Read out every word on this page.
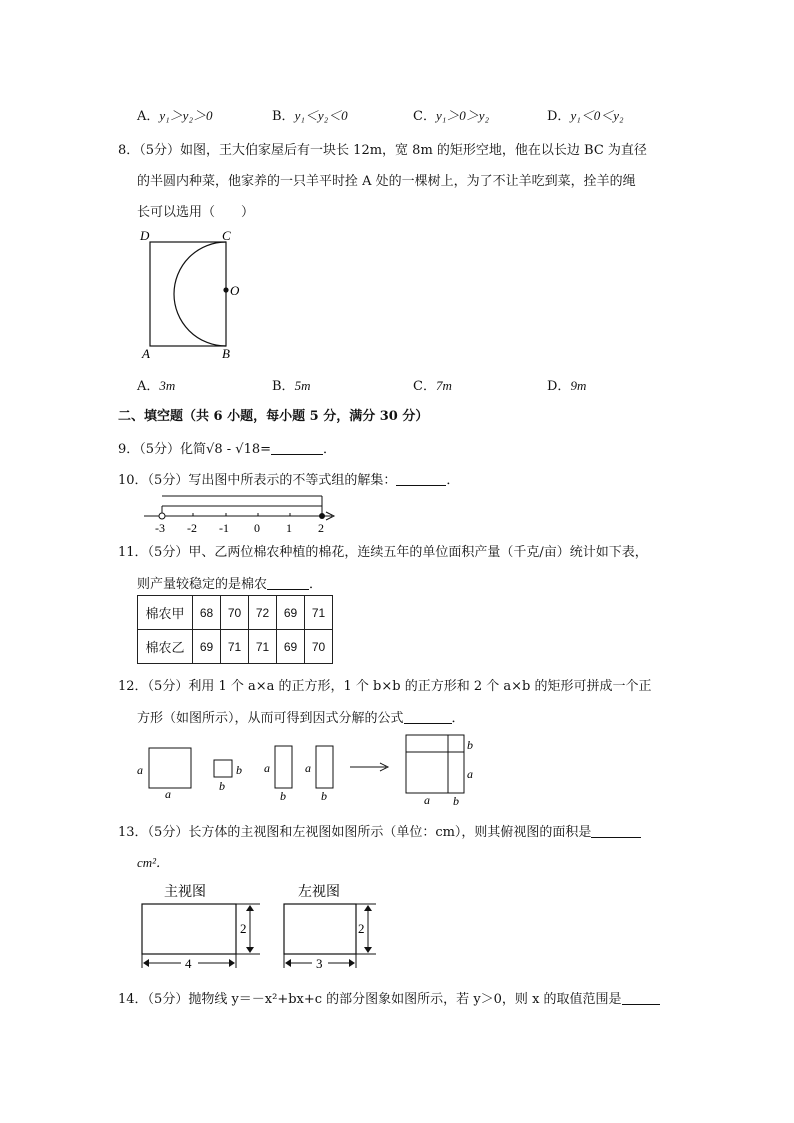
A．y₁＞y₂＞0	B．y₁＜y₂＜0	C．y₁＞0＞y₂	D．y₁＜0＜y₂
8．（5分）如图，王大伯家屋后有一块长 12m，宽 8m 的矩形空地，他在以长边 BC 为直径
的半圆内种菜，他家养的一只羊平时拴 A 处的一棵树上，为了不让羊吃到菜，拴羊的绳
长可以选用（　　）
D	C
O
A	B
A．3m	B．5m	C．7m	D．9m
二、填空题（共 6 小题，每小题 5 分，满分 30 分）
9．（5分）化简√8 - √18=	．
10．（5分）写出图中所表示的不等式组的解集：	．
-3 -2 -1 0 1 2
11．（5分）甲、乙两位棉农种植的棉花，连续五年的单位面积产量（千克/亩）统计如下表，
则产量较稳定的是棉农	．
棉农甲	68	70	72	69	71
棉农乙	69	71	71	69	70
12．（5分）利用 1 个 a×a 的正方形，1 个 b×b 的正方形和 2 个 a×b 的矩形可拼成一个正
方形（如图所示），从而可得到因式分解的公式	．
a
a
b
b
a
b
a
b
b
a
a b
13．（5分）长方体的主视图和左视图如图所示（单位：cm），则其俯视图的面积是
cm²．
主视图	左视图
2
4
2
3
14．（5分）抛物线 y＝－x²+bx+c 的部分图象如图所示，若 y＞0，则 x 的取值范围是
